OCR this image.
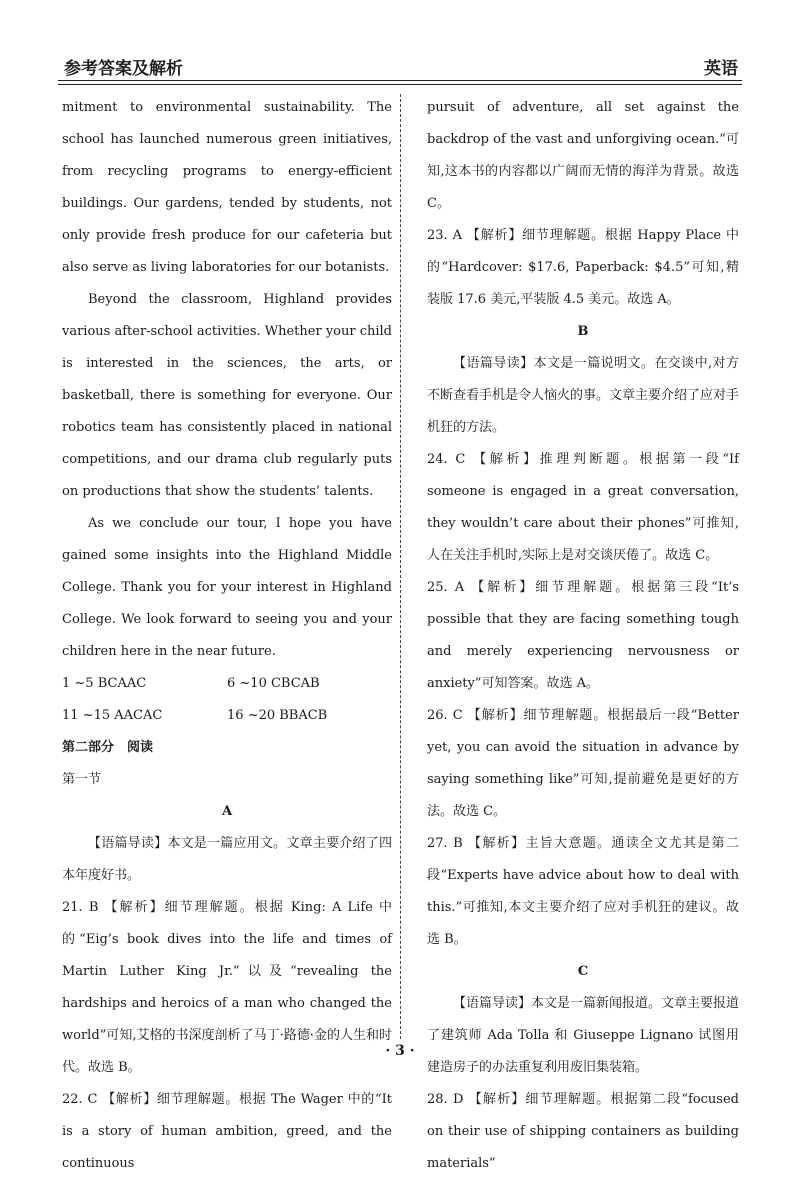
参考答案及解析	英语

mitment to environmental sustainability. The school has launched numerous green initiatives, from recycling programs to energy-efficient buildings. Our gardens, tended by students, not only provide fresh produce for our cafeteria but also serve as living laboratories for our botanists.

Beyond the classroom, Highland provides various after-school activities. Whether your child is interested in the sciences, the arts, or basketball, there is something for everyone. Our robotics team has consistently placed in national competitions, and our drama club regularly puts on productions that show the students’ talents.

As we conclude our tour, I hope you have gained some insights into the Highland Middle College. Thank you for your interest in Highland College. We look forward to seeing you and your children here in the near future.

1 ~5 BCAAC	6 ~10 CBCAB
11 ~15 AACAC	16 ~20 BBACB

第二部分　阅读

第一节

A

【语篇导读】本文是一篇应用文。文章主要介绍了四本年度好书。

21. B 【解析】细节理解题。根据 King: A Life 中的“Eig’s book dives into the life and times of Martin Luther King Jr.”以及“revealing the hardships and heroics of a man who changed the world”可知,艾格的书深度剖析了马丁·路德·金的人生和时代。故选 B。

22. C 【解析】细节理解题。根据 The Wager 中的“It is a story of human ambition, greed, and the continuous

pursuit of adventure, all set against the backdrop of the vast and unforgiving ocean.”可知,这本书的内容都以广阔而无情的海洋为背景。故选 C。

23. A 【解析】细节理解题。根据 Happy Place 中的“Hardcover: $17.6, Paperback: $4.5”可知,精装版 17.6 美元,平装版 4.5 美元。故选 A。

B

【语篇导读】本文是一篇说明文。在交谈中,对方不断查看手机是令人恼火的事。文章主要介绍了应对手机狂的方法。

24. C 【解析】推理判断题。根据第一段“If someone is engaged in a great conversation, they wouldn’t care about their phones”可推知,人在关注手机时,实际上是对交谈厌倦了。故选 C。

25. A 【解析】细节理解题。根据第三段“It’s possible that they are facing something tough and merely experiencing nervousness or anxiety”可知答案。故选 A。

26. C 【解析】细节理解题。根据最后一段“Better yet, you can avoid the situation in advance by saying something like”可知,提前避免是更好的方法。故选 C。

27. B 【解析】主旨大意题。通读全文尤其是第二段“Experts have advice about how to deal with this.”可推知,本文主要介绍了应对手机狂的建议。故选 B。

C

【语篇导读】本文是一篇新闻报道。文章主要报道了建筑师 Ada Tolla 和 Giuseppe Lignano 试图用建造房子的办法重复利用废旧集装箱。

28. D 【解析】细节理解题。根据第二段“focused on their use of shipping containers as building materials”

· 3 ·
